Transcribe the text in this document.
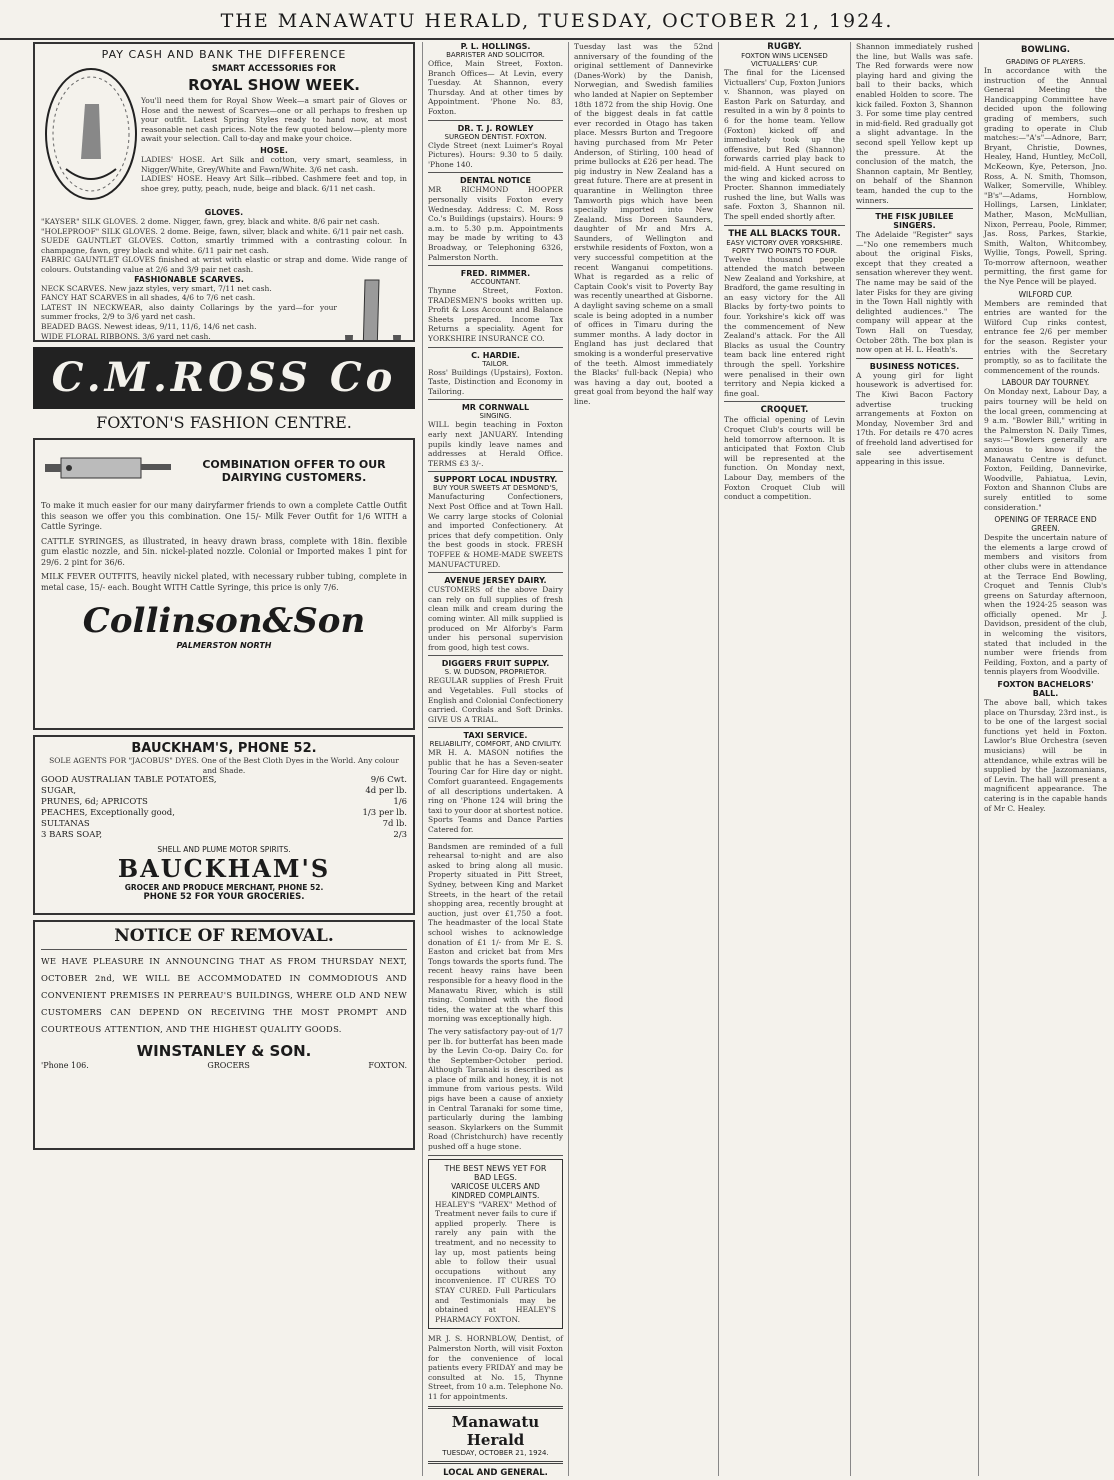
THE MANAWATU HERALD, TUESDAY, OCTOBER 21, 1924.
PAY CASH AND BANK THE DIFFERENCE
SMART ACCESSORIES FOR
ROYAL SHOW WEEK.
You'll need them for Royal Show Week—a smart pair of Gloves or Hose and the newest of Scarves—one or all perhaps to freshen up your outfit. Latest Spring Styles ready to hand now, at most reasonable net cash prices. Note the few quoted below—plenty more await your selection. Call to-day and make your choice.
HOSE.
LADIES' HOSE. Art Silk and cotton, very smart, seamless, in Nigger/White, Grey/White and Fawn/White. 3/6 net cash.
LADIES' HOSE. Heavy Art Silk—ribbed. Cashmere feet and top, in shoe grey, putty, peach, nude, beige and black. 6/11 net cash.
GLOVES.
"KAYSER" SILK GLOVES. 2 dome. Nigger, fawn, grey, black and white. 8/6 pair net cash.
"HOLEPROOF" SILK GLOVES. 2 dome. Beige, fawn, silver, black and white. 6/11 pair net cash.
SUEDE GAUNTLET GLOVES. Cotton, smartly trimmed with a contrasting colour. In champagne, fawn, grey black and white. 6/11 pair net cash.
FABRIC GAUNTLET GLOVES finished at wrist with elastic or strap and dome. Wide range of colours. Outstanding value at 2/6 and 3/9 pair net cash.
FASHIONABLE SCARVES.
NECK SCARVES. New jazz styles, very smart, 7/11 net cash.
FANCY HAT SCARVES in all shades, 4/6 to 7/6 net cash.
LATEST IN NECKWEAR, also dainty Collarings by the yard—for your summer frocks, 2/9 to 3/6 yard net cash.
BEADED BAGS. Newest ideas, 9/11, 11/6, 14/6 net cash.
WIDE FLORAL RIBBONS. 3/6 yard net cash.
C.M.ROSS Co
FOXTON'S FASHION CENTRE.
COMBINATION OFFER TO OUR DAIRYING CUSTOMERS.
To make it much easier for our many dairyfarmer friends to own a complete Cattle Outfit this season we offer you this combination. One 15/- Milk Fever Outfit for 1/6 WITH a Cattle Syringe.
CATTLE SYRINGES, as illustrated, in heavy drawn brass, complete with 18in. flexible gum elastic nozzle, and 5in. nickel-plated nozzle. Colonial or Imported makes 1 pint for 29/6. 2 pint for 36/6.
MILK FEVER OUTFITS, heavily nickel plated, with necessary rubber tubing, complete in metal case, 15/- each. Bought WITH Cattle Syringe, this price is only 7/6.
Collinson&Son
PALMERSTON NORTH
BAUCKHAM'S, PHONE 52.
SOLE AGENTS FOR "JACOBUS" DYES. One of the Best Cloth Dyes in the World. Any colour and Shade.
GOOD AUSTRALIAN TABLE POTATOES,	9/6 Cwt.
SUGAR,	4d per lb.
PRUNES, 6d; APRICOTS	1/6
PEACHES, Exceptionally good,	1/3 per lb.
SULTANAS	7d lb.
3 BARS SOAP,	2/3
SHELL AND PLUME MOTOR SPIRITS.
BAUCKHAM'S
GROCER AND PRODUCE MERCHANT, PHONE 52.
PHONE 52 FOR YOUR GROCERIES.
NOTICE OF REMOVAL.
WE HAVE PLEASURE IN ANNOUNCING THAT AS FROM THURSDAY NEXT, OCTOBER 2nd, WE WILL BE ACCOMMODATED IN COMMODIOUS AND CONVENIENT PREMISES IN PERREAU'S BUILDINGS, WHERE OLD AND NEW CUSTOMERS CAN DEPEND ON RECEIVING THE MOST PROMPT AND COURTEOUS ATTENTION, AND THE HIGHEST QUALITY GOODS.
WINSTANLEY & SON.
'Phone 106.	GROCERS	FOXTON.
P. L. HOLLINGS.
BARRISTER AND SOLICITOR.
Office, Main Street, Foxton. Branch Offices— At Levin, every Tuesday. At Shannon, every Thursday. And at other times by Appointment. 'Phone No. 83, Foxton.
DR. T. J. ROWLEY
SURGEON DENTIST. FOXTON.
Clyde Street (next Luimer's Royal Pictures). Hours: 9.30 to 5 daily. 'Phone 140.
DENTAL NOTICE
MR RICHMOND HOOPER personally visits Foxton every Wednesday. Address: C. M. Ross Co.'s Buildings (upstairs). Hours: 9 a.m. to 5.30 p.m. Appointments may be made by writing to 43 Broadway, or Telephoning 6326, Palmerston North.
FRED. RIMMER.
ACCOUNTANT.
Thynne Street, Foxton. TRADESMEN'S books written up. Profit & Loss Account and Balance Sheets prepared. Income Tax Returns a speciality. Agent for YORKSHIRE INSURANCE CO.
C. HARDIE.
TAILOR.
Ross' Buildings (Upstairs), Foxton. Taste, Distinction and Economy in Tailoring.
MR CORNWALL
SINGING.
WILL begin teaching in Foxton early next JANUARY. Intending pupils kindly leave names and addresses at Herald Office. TERMS £3 3/-.
SUPPORT LOCAL INDUSTRY.
BUY YOUR SWEETS AT DESMOND'S,
Manufacturing Confectioners, Next Post Office and at Town Hall. We carry large stocks of Colonial and imported Confectionery. At prices that defy competition. Only the best goods in stock. FRESH TOFFEE & HOME-MADE SWEETS MANUFACTURED.
AVENUE JERSEY DAIRY.
CUSTOMERS of the above Dairy can rely on full supplies of fresh clean milk and cream during the coming winter. All milk supplied is produced on Mr Alforby's Farm under his personal supervision from good, high test cows.
DIGGERS FRUIT SUPPLY.
S. W. DUDSON, PROPRIETOR.
REGULAR supplies of Fresh Fruit and Vegetables. Full stocks of English and Colonial Confectionery carried. Cordials and Soft Drinks. GIVE US A TRIAL.
TAXI SERVICE.
RELIABILITY, COMFORT, AND CIVILITY.
MR H. A. MASON notifies the public that he has a Seven-seater Touring Car for Hire day or night. Comfort guaranteed. Engagements of all descriptions undertaken. A ring on 'Phone 124 will bring the taxi to your door at shortest notice. Sports Teams and Dance Parties Catered for.
Bandsmen are reminded of a full rehearsal to-night and are also asked to bring along all music. Property situated in Pitt Street, Sydney, between King and Market Streets, in the heart of the retail shopping area, recently brought at auction, just over £1,750 a foot. The headmaster of the local State school wishes to acknowledge donation of £1 1/- from Mr E. S. Easton and cricket bat from Mrs Tongs towards the sports fund. The recent heavy rains have been responsible for a heavy flood in the Manawatu River, which is still rising. Combined with the flood tides, the water at the wharf this morning was exceptionally high.
The very satisfactory pay-out of 1/7 per lb. for butterfat has been made by the Levin Co-op. Dairy Co. for the September-October period. Although Taranaki is described as a place of milk and honey, it is not immune from various pests. Wild pigs have been a cause of anxiety in Central Taranaki for some time, particularly during the lambing season. Skylarkers on the Summit Road (Christchurch) have recently pushed off a huge stone.
THE BEST NEWS YET FOR BAD LEGS.
VARICOSE ULCERS AND KINDRED COMPLAINTS.
HEALEY'S "VAREX" Method of Treatment never fails to cure if applied properly. There is rarely any pain with the treatment, and no necessity to lay up, most patients being able to follow their usual occupations without any inconvenience. IT CURES TO STAY CURED. Full Particulars and Testimonials may be obtained at HEALEY'S PHARMACY FOXTON.
MR J. S. HORNBLOW, Dentist, of Palmerston North, will visit Foxton for the convenience of local patients every FRIDAY and may be consulted at No. 15, Thynne Street, from 10 a.m. Telephone No. 11 for appointments.
Manawatu Herald
TUESDAY, OCTOBER 21, 1924.
LOCAL AND GENERAL.
Tuesday last was the 52nd anniversary of the founding of the original settlement of Dannevirke (Danes-Work) by the Danish, Norwegian, and Swedish families who landed at Napier on September 18th 1872 from the ship Hovig. One of the biggest deals in fat cattle ever recorded in Otago has taken place. Messrs Burton and Tregoore having purchased from Mr Peter Anderson, of Stirling, 100 head of prime bullocks at £26 per head. The pig industry in New Zealand has a great future. There are at present in quarantine in Wellington three Tamworth pigs which have been specially imported into New Zealand. Miss Doreen Saunders, daughter of Mr and Mrs A. Saunders, of Wellington and erstwhile residents of Foxton, won a very successful competition at the recent Wanganui competitions. What is regarded as a relic of Captain Cook's visit to Poverty Bay was recently unearthed at Gisborne. A daylight saving scheme on a small scale is being adopted in a number of offices in Timaru during the summer months. A lady doctor in England has just declared that smoking is a wonderful preservative of the teeth. Almost immediately the Blacks' full-back (Nepia) who was having a day out, booted a great goal from beyond the half way line.
RUGBY.
FOXTON WINS LICENSED VICTUALLERS' CUP.
The final for the Licensed Victuallers' Cup, Foxton Juniors v. Shannon, was played on Easton Park on Saturday, and resulted in a win by 8 points to 6 for the home team. Yellow (Foxton) kicked off and immediately took up the offensive, but Red (Shannon) forwards carried play back to mid-field. A Hunt secured on the wing and kicked across to Procter. Shannon immediately rushed the line, but Walls was safe. Foxton 3, Shannon nil. The spell ended shortly after.
THE ALL BLACKS TOUR.
EASY VICTORY OVER YORKSHIRE.
FORTY TWO POINTS TO FOUR.
Twelve thousand people attended the match between New Zealand and Yorkshire, at Bradford, the game resulting in an easy victory for the All Blacks by forty-two points to four. Yorkshire's kick off was the commencement of New Zealand's attack. For the All Blacks as usual the Country team back line entered right through the spell. Yorkshire were penalised in their own territory and Nepia kicked a fine goal.
CROQUET.
The official opening of Levin Croquet Club's courts will be held tomorrow afternoon. It is anticipated that Foxton Club will be represented at the function. On Monday next, Labour Day, members of the Foxton Croquet Club will conduct a competition.
Shannon immediately rushed the line, but Walls was safe. The Red forwards were now playing hard and giving the ball to their backs, which enabled Holden to score. The kick failed. Foxton 3, Shannon 3. For some time play centred in mid-field. Red gradually got a slight advantage. In the second spell Yellow kept up the pressure. At the conclusion of the match, the Shannon captain, Mr Bentley, on behalf of the Shannon team, handed the cup to the winners.
THE FISK JUBILEE SINGERS.
The Adelaide "Register" says—"No one remembers much about the original Fisks, except that they created a sensation wherever they went. The name may be said of the later Fisks for they are giving in the Town Hall nightly with delighted audiences." The company will appear at the Town Hall on Tuesday, October 28th. The box plan is now open at H. L. Heath's.
BUSINESS NOTICES.
A young girl for light housework is advertised for. The Kiwi Bacon Factory advertise trucking arrangements at Foxton on Monday, November 3rd and 17th. For details re 470 acres of freehold land advertised for sale see advertisement appearing in this issue.
BOWLING.
GRADING OF PLAYERS.
In accordance with the instruction of the Annual General Meeting the Handicapping Committee have decided upon the following grading of members, such grading to operate in Club matches:—"A's"—Adnore, Barr, Bryant, Christie, Downes, Healey, Hand, Huntley, McColl, McKeown, Kye, Peterson, Jno. Ross, A. N. Smith, Thomson, Walker, Somerville, Whibley. "B's"—Adams, Hornblow, Hollings, Larsen, Linklater, Mather, Mason, McMullian, Nixon, Perreau, Poole, Rimmer, Jas. Ross, Parkes, Starkie, Smith, Walton, Whitcombey, Wyllie, Tongs, Powell, Spring. To-morrow afternoon, weather permitting, the first game for the Nye Pence will be played.
WILFORD CUP.
Members are reminded that entries are wanted for the Wilford Cup rinks contest, entrance fee 2/6 per member for the season. Register your entries with the Secretary promptly, so as to facilitate the commencement of the rounds.
LABOUR DAY TOURNEY.
On Monday next, Labour Day, a pairs tourney will be held on the local green, commencing at 9 a.m. "Bowler Bill," writing in the Palmerston N. Daily Times, says:—"Bowlers generally are anxious to know if the Manawatu Centre is defunct. Foxton, Feilding, Dannevirke, Woodville, Pahiatua, Levin, Foxton and Shannon Clubs are surely entitled to some consideration."
OPENING OF TERRACE END GREEN.
Despite the uncertain nature of the elements a large crowd of members and visitors from other clubs were in attendance at the Terrace End Bowling, Croquet and Tennis Club's greens on Saturday afternoon, when the 1924-25 season was officially opened. Mr J. Davidson, president of the club, in welcoming the visitors, stated that included in the number were friends from Feilding, Foxton, and a party of tennis players from Woodville.
FOXTON BACHELORS' BALL.
The above ball, which takes place on Thursday, 23rd inst., is to be one of the largest social functions yet held in Foxton. Lawlor's Blue Orchestra (seven musicians) will be in attendance, while extras will be supplied by the Jazzomanians, of Levin. The hall will present a magnificent appearance. The catering is in the capable hands of Mr C. Healey.
